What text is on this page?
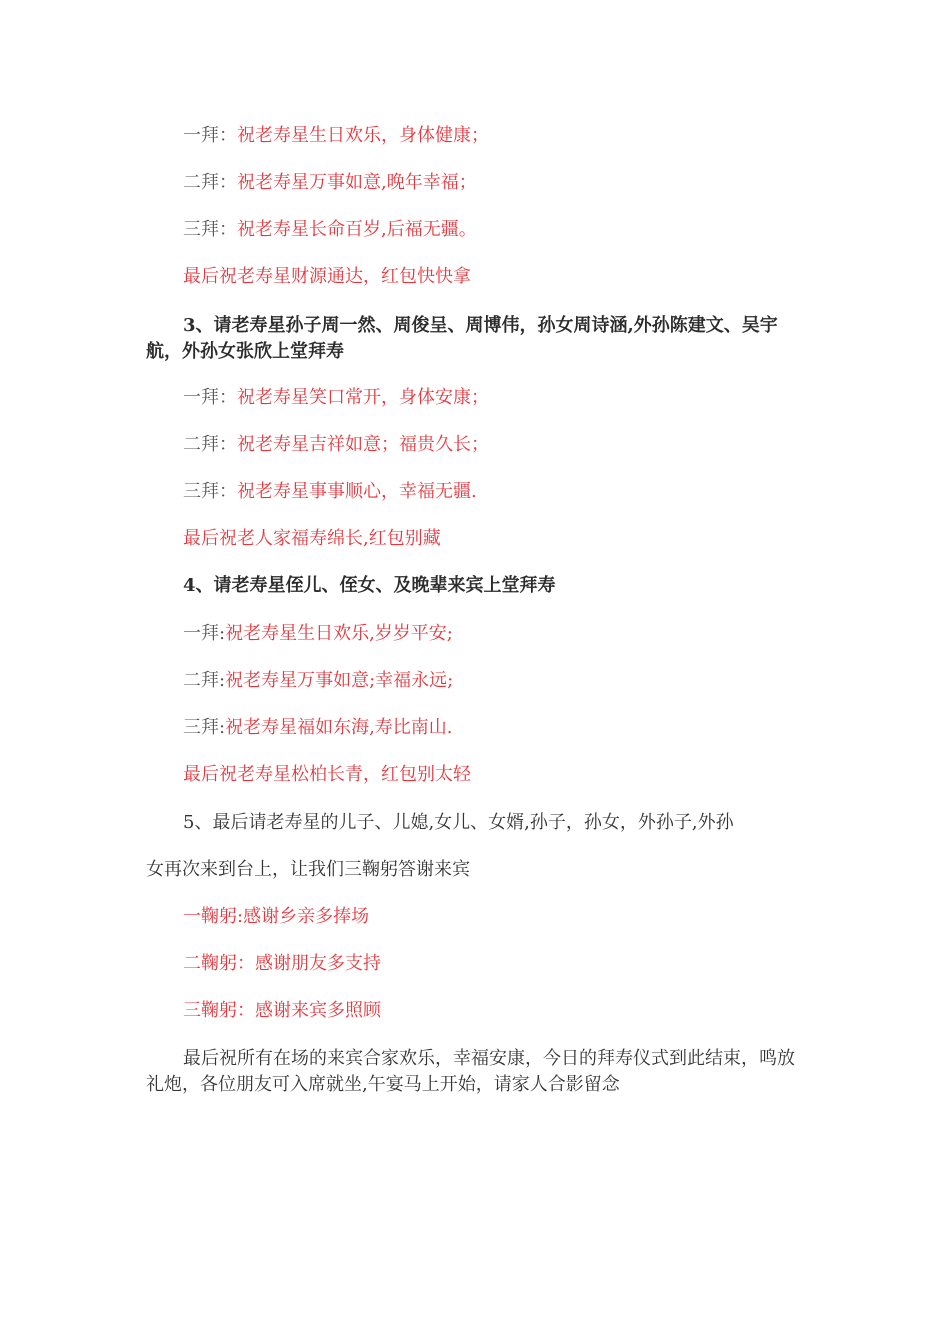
一拜：祝老寿星生日欢乐，身体健康；
二拜：祝老寿星万事如意,晚年幸福；
三拜：祝老寿星长命百岁,后福无疆。
最后祝老寿星财源通达，红包快快拿
3、请老寿星孙子周一然、周俊呈、周博伟，孙女周诗涵,外孙陈建文、吴宇航，外孙女张欣上堂拜寿
一拜：祝老寿星笑口常开，身体安康；
二拜：祝老寿星吉祥如意；福贵久长；
三拜：祝老寿星事事顺心，幸福无疆.
最后祝老人家福寿绵长,红包别藏
4、请老寿星侄儿、侄女、及晚辈来宾上堂拜寿
一拜:祝老寿星生日欢乐,岁岁平安;
二拜:祝老寿星万事如意;幸福永远;
三拜:祝老寿星福如东海,寿比南山.
最后祝老寿星松柏长青，红包别太轻
5、最后请老寿星的儿子、儿媳,女儿、女婿,孙子，孙女，外孙子,外孙
女再次来到台上，让我们三鞠躬答谢来宾
一鞠躬:感谢乡亲多捧场
二鞠躬：感谢朋友多支持
三鞠躬：感谢来宾多照顾
最后祝所有在场的来宾合家欢乐，幸福安康，今日的拜寿仪式到此结束，鸣放礼炮，各位朋友可入席就坐,午宴马上开始，请家人合影留念
